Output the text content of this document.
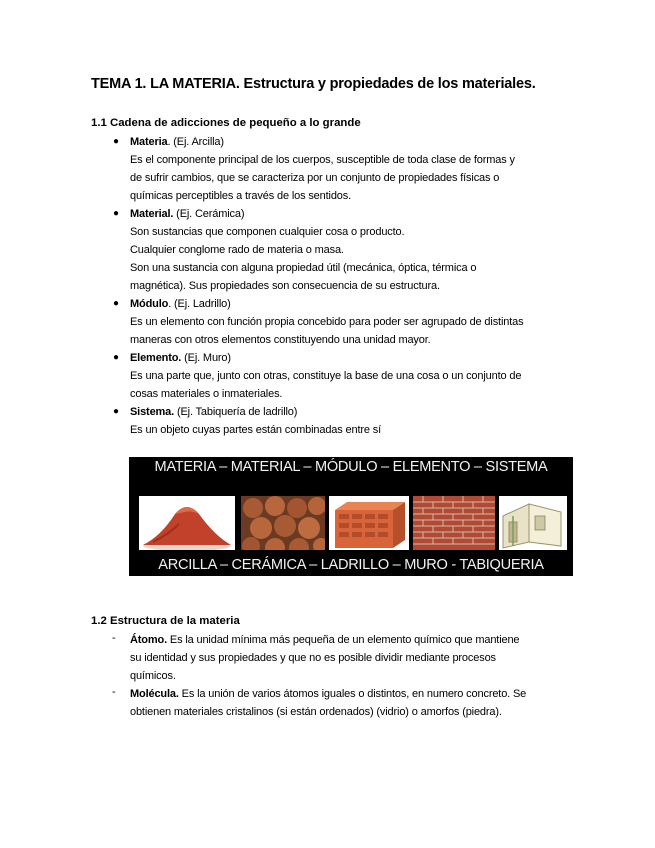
TEMA 1. LA MATERIA. Estructura y propiedades de los materiales.
1.1 Cadena de adicciones de pequeño a lo grande
● Materia. (Ej. Arcilla)
Es el componente principal de los cuerpos, susceptible de toda clase de formas y
de sufrir cambios, que se caracteriza por un conjunto de propiedades físicas o
químicas perceptibles a través de los sentidos.
● Material. (Ej. Cerámica)
Son sustancias que componen cualquier cosa o producto.
Cualquier conglome rado de materia o masa.
Son una sustancia con alguna propiedad útil (mecánica, óptica, térmica o
magnética). Sus propiedades son consecuencia de su estructura.
● Módulo. (Ej. Ladrillo)
Es un elemento con función propia concebido para poder ser agrupado de distintas
maneras con otros elementos constituyendo una unidad mayor.
● Elemento. (Ej. Muro)
Es una parte que, junto con otras, constituye la base de una cosa o un conjunto de
cosas materiales o inmateriales.
● Sistema. (Ej. Tabiquería de ladrillo)
Es un objeto cuyas partes están combinadas entre sí
MATERIA – MATERIAL – MÓDULO – ELEMENTO – SISTEMA
ARCILLA – CERÁMICA – LADRILLO – MURO - TABIQUERIA
1.2 Estructura de la materia
- Átomo. Es la unidad mínima más pequeña de un elemento químico que mantiene
su identidad y sus propiedades y que no es posible dividir mediante procesos
químicos.
- Molécula. Es la unión de varios átomos iguales o distintos, en numero concreto. Se
obtienen materiales cristalinos (si están ordenados) (vidrio) o amorfos (piedra).
